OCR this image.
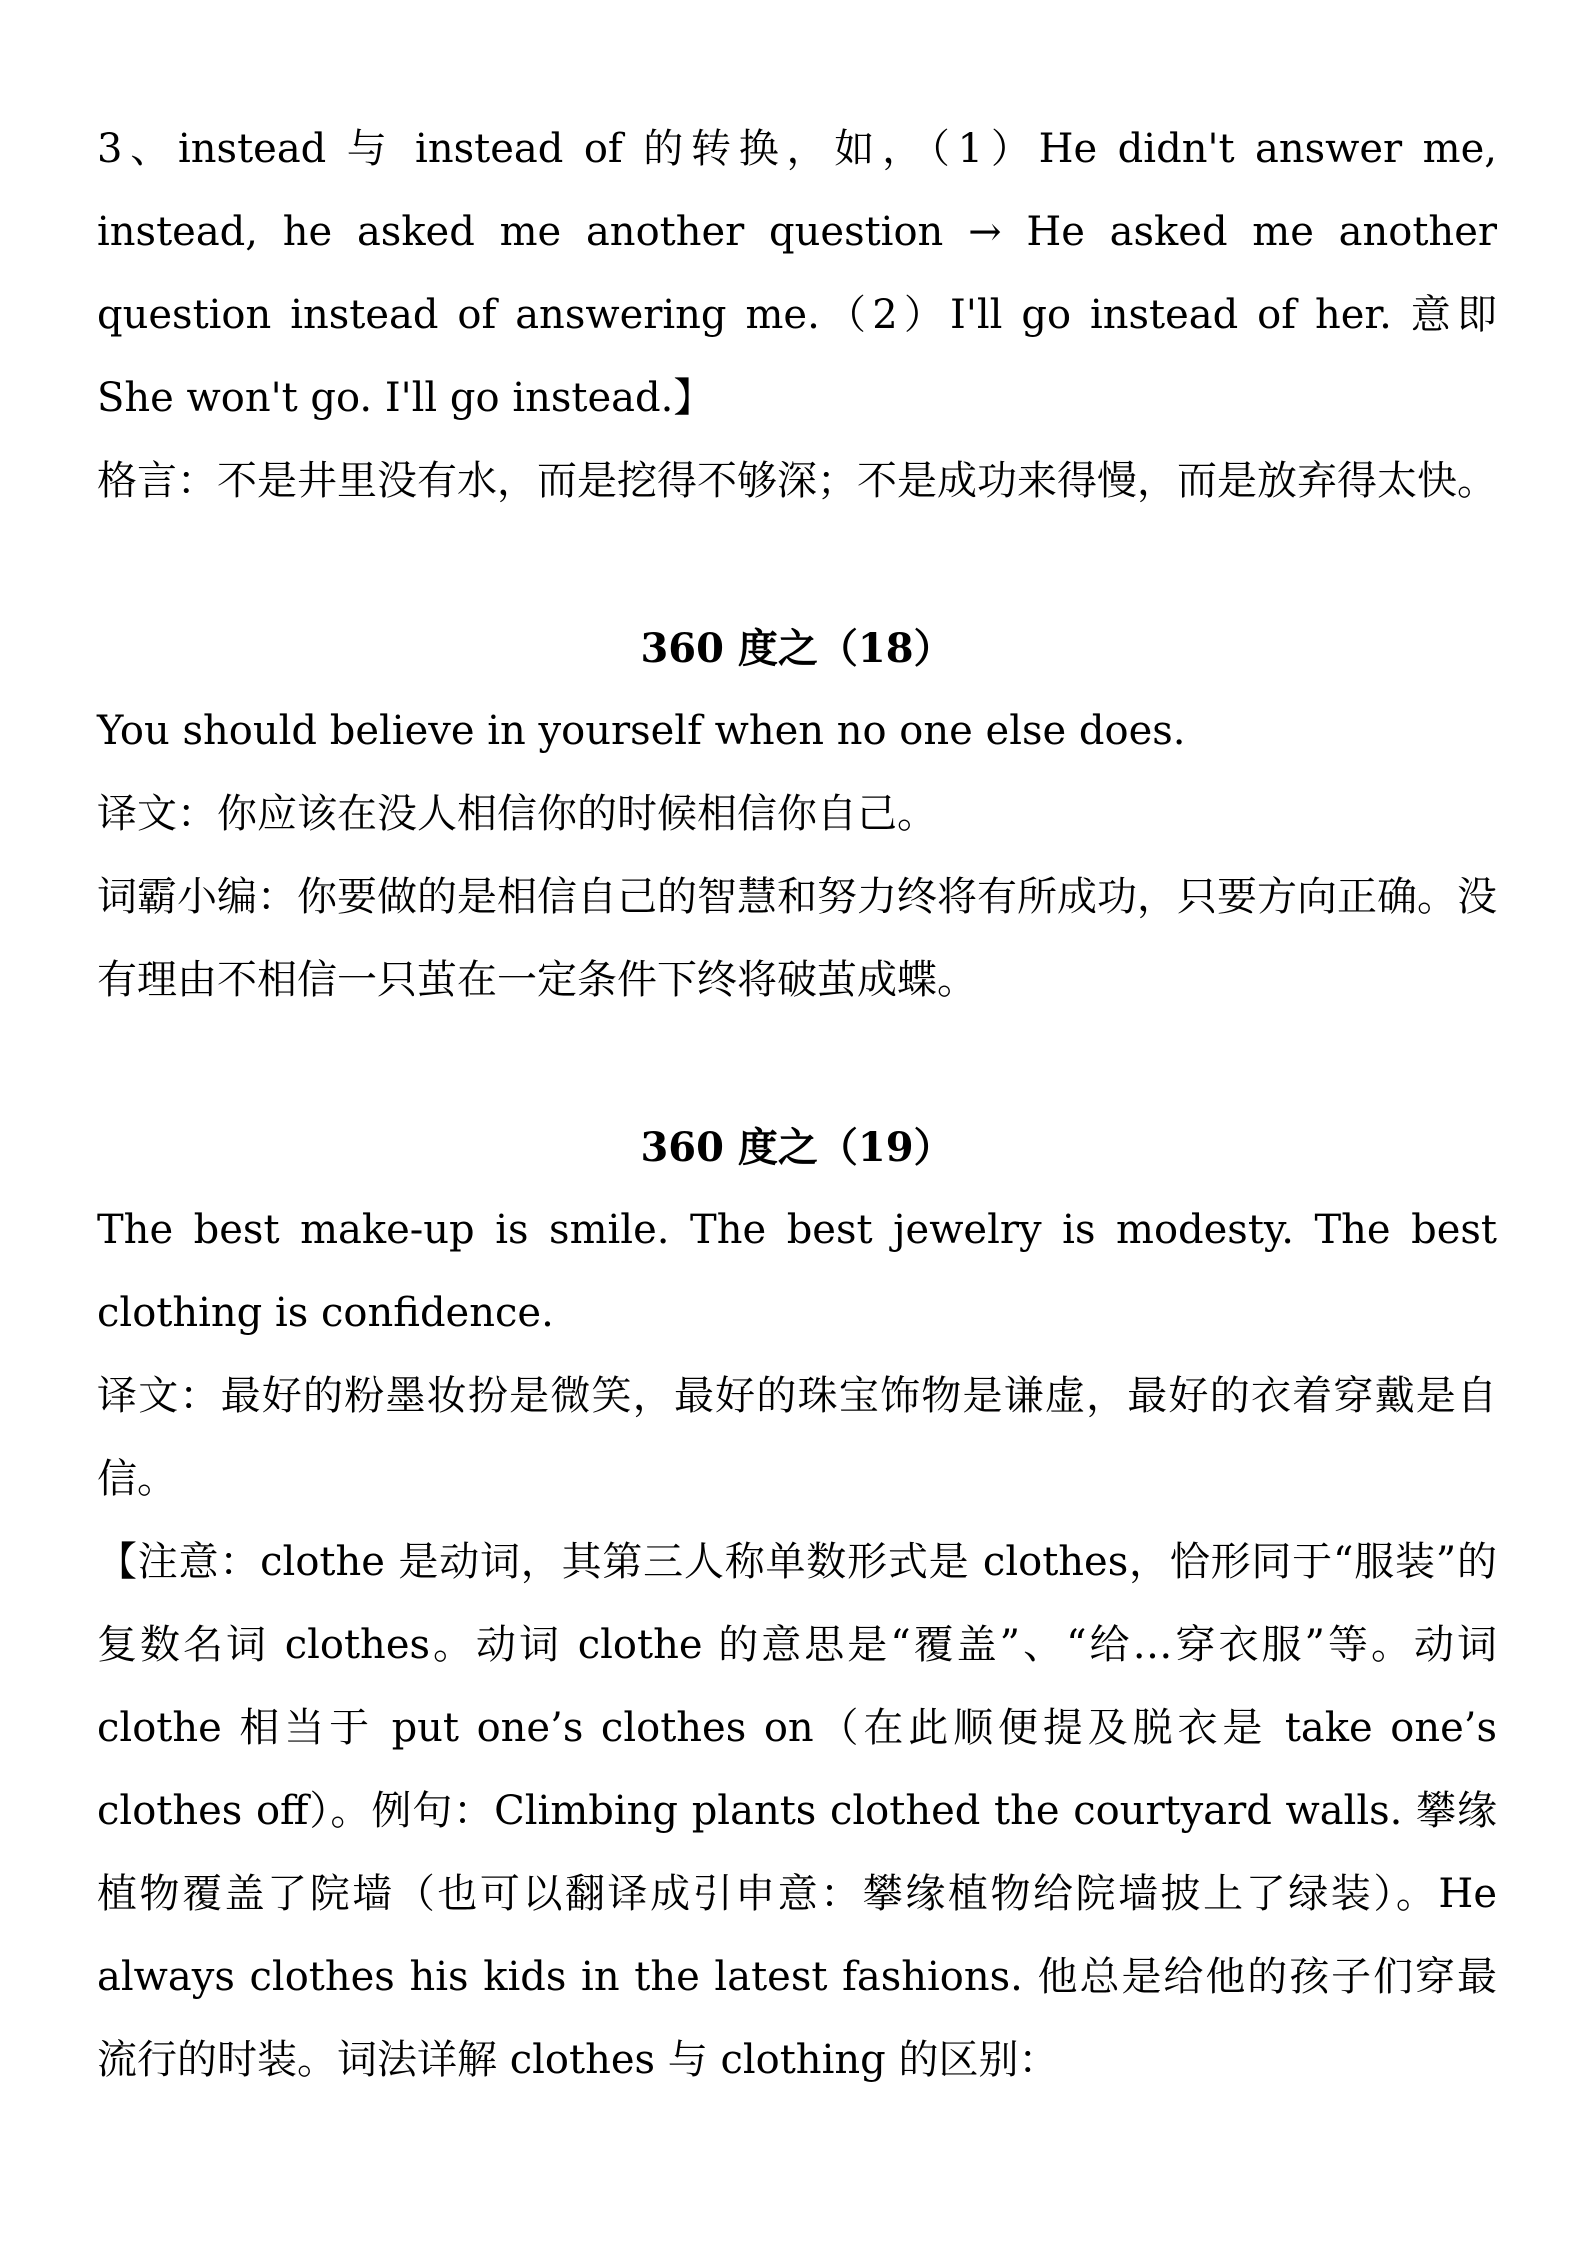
3、instead 与 instead of 的转换，如，（1）He didn't answer me, instead, he asked me another question → He asked me another question instead of answering me.（2）I'll go instead of her. 意即 She won't go. I'll go instead.】

格言：不是井里没有水，而是挖得不够深；不是成功来得慢，而是放弃得太快。

360 度之（18）

You should believe in yourself when no one else does.

译文：你应该在没人相信你的时候相信你自己。

词霸小编：你要做的是相信自己的智慧和努力终将有所成功，只要方向正确。没有理由不相信一只茧在一定条件下终将破茧成蝶。

360 度之（19）

The best make-up is smile. The best jewelry is modesty. The best clothing is confidence.

译文：最好的粉墨妆扮是微笑，最好的珠宝饰物是谦虚，最好的衣着穿戴是自信。

【注意：clothe 是动词，其第三人称单数形式是 clothes，恰形同于“服装”的复数名词 clothes。动词 clothe 的意思是“覆盖”、“给…穿衣服”等。动词 clothe 相当于 put one’s clothes on（在此顺便提及脱衣是 take one’s clothes off）。例句：Climbing plants clothed the courtyard walls. 攀缘植物覆盖了院墙（也可以翻译成引申意：攀缘植物给院墙披上了绿装）。He always clothes his kids in the latest fashions. 他总是给他的孩子们穿最流行的时装。词法详解 clothes 与 clothing 的区别：
